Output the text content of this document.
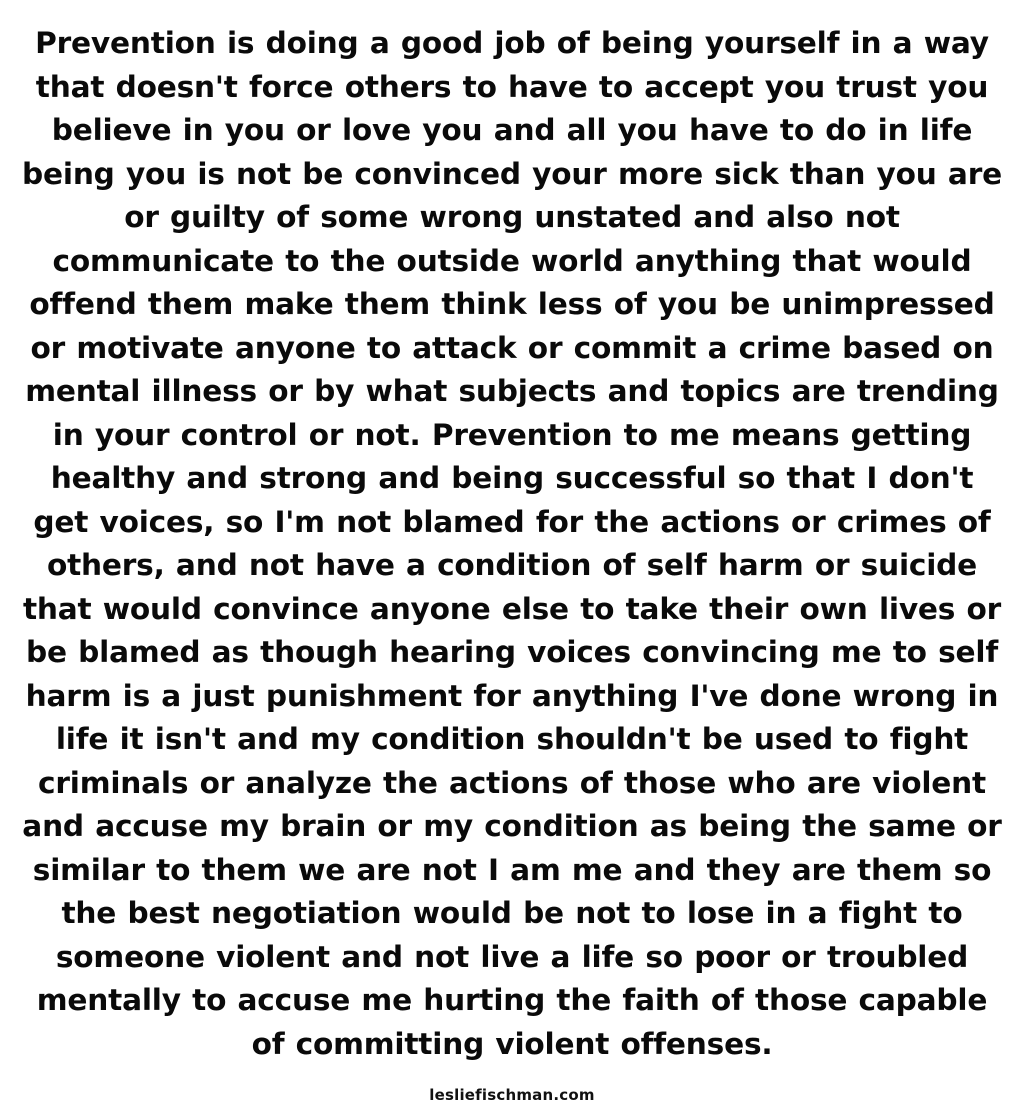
Prevention is doing a good job of being yourself in a way that doesn't force others to have to accept you trust you believe in you or love you and all you have to do in life being you is not be convinced your more sick than you are or guilty of some wrong unstated and also not communicate to the outside world anything that would offend them make them think less of you be unimpressed or motivate anyone to attack or commit a crime based on mental illness or by what subjects and topics are trending in your control or not. Prevention to me means getting healthy and strong and being successful so that I don't get voices, so I'm not blamed for the actions or crimes of others, and not have a condition of self harm or suicide that would convince anyone else to take their own lives or be blamed as though hearing voices convincing me to self harm is a just punishment for anything I've done wrong in life it isn't and my condition shouldn't be used to fight criminals or analyze the actions of those who are violent and accuse my brain or my condition as being the same or similar to them we are not I am me and they are them so the best negotiation would be not to lose in a fight to someone violent and not live a life so poor or troubled mentally to accuse me hurting the faith of those capable of committing violent offenses.

lesliefischman.com
